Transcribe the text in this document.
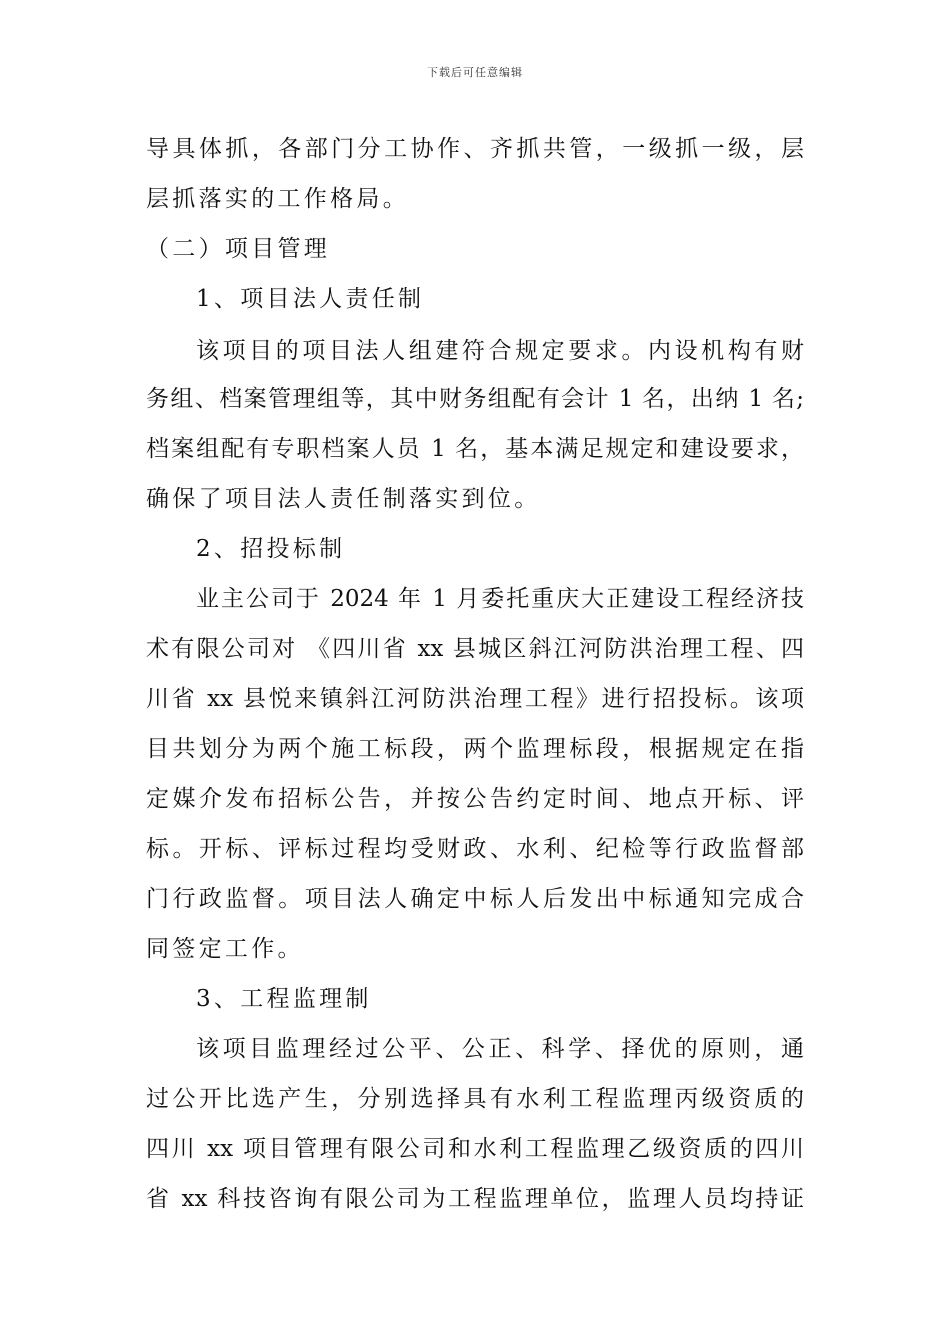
下载后可任意编辑
导具体抓，各部门分工协作、齐抓共管，一级抓一级，层
层抓落实的工作格局。
（二）项目管理
1、项目法人责任制
该项目的项目法人组建符合规定要求。内设机构有财
务组、档案管理组等，其中财务组配有会计 1 名，出纳 1 名;
档案组配有专职档案人员 1 名，基本满足规定和建设要求，
确保了项目法人责任制落实到位。
2、招投标制
业主公司于 2024 年 1 月委托重庆大正建设工程经济技
术有限公司对 《四川省 xx 县城区斜江河防洪治理工程、四
川省 xx 县悦来镇斜江河防洪治理工程》进行招投标。该项
目共划分为两个施工标段，两个监理标段，根据规定在指
定媒介发布招标公告，并按公告约定时间、地点开标、评
标。开标、评标过程均受财政、水利、纪检等行政监督部
门行政监督。项目法人确定中标人后发出中标通知完成合
同签定工作。
3、工程监理制
该项目监理经过公平、公正、科学、择优的原则，通
过公开比选产生，分别选择具有水利工程监理丙级资质的
四川 xx 项目管理有限公司和水利工程监理乙级资质的四川
省 xx 科技咨询有限公司为工程监理单位，监理人员均持证
